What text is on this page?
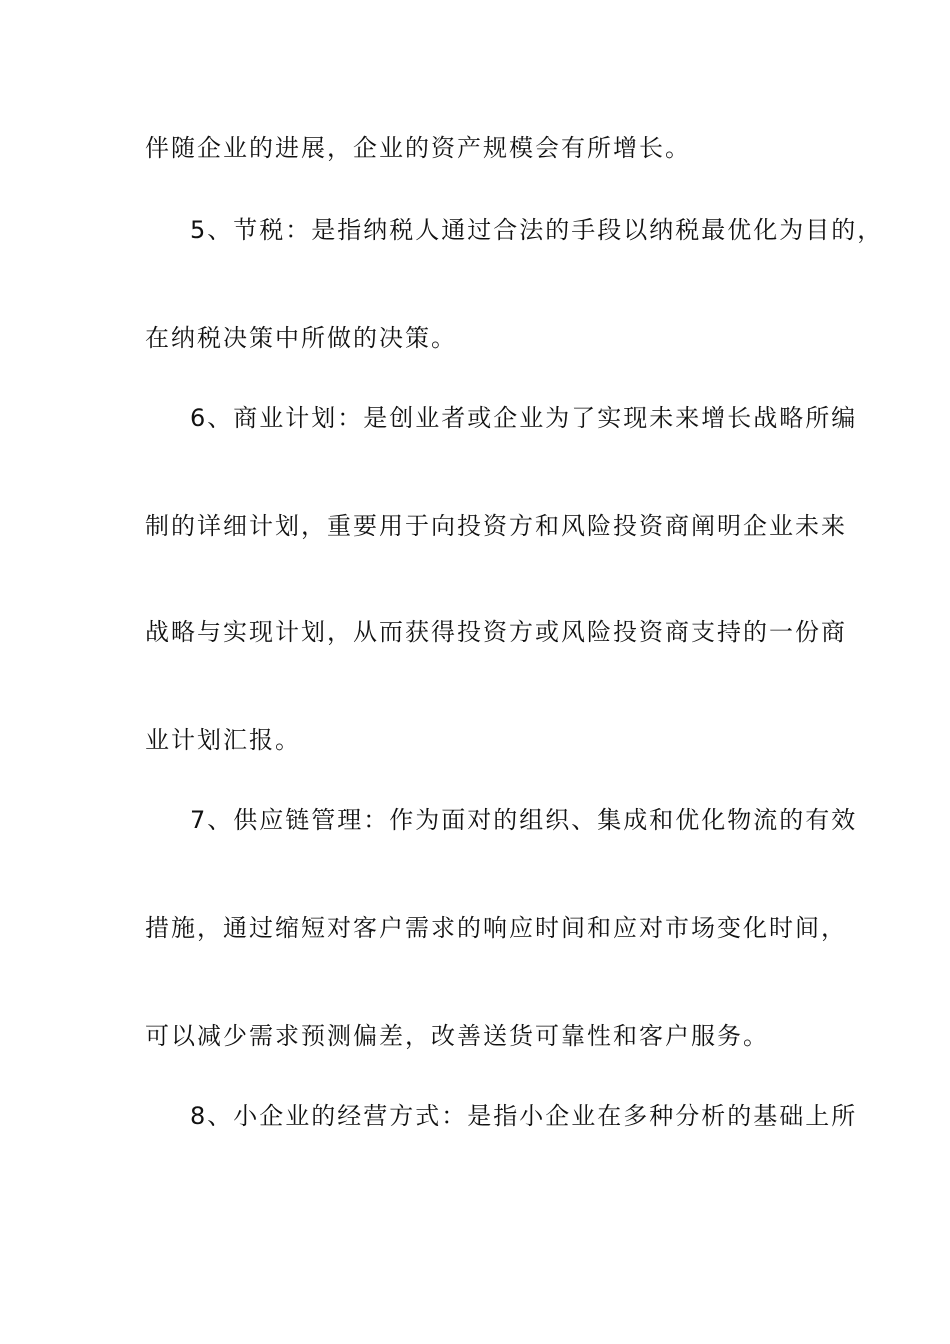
伴随企业的进展，企业的资产规模会有所增长。
5、节税：是指纳税人通过合法的手段以纳税最优化为目的，
在纳税决策中所做的决策。
6、商业计划：是创业者或企业为了实现未来增长战略所编
制的详细计划，重要用于向投资方和风险投资商阐明企业未来
战略与实现计划，从而获得投资方或风险投资商支持的一份商
业计划汇报。
7、供应链管理：作为面对的组织、集成和优化物流的有效
措施，通过缩短对客户需求的响应时间和应对市场变化时间，
可以减少需求预测偏差，改善送货可靠性和客户服务。
8、小企业的经营方式：是指小企业在多种分析的基础上所
